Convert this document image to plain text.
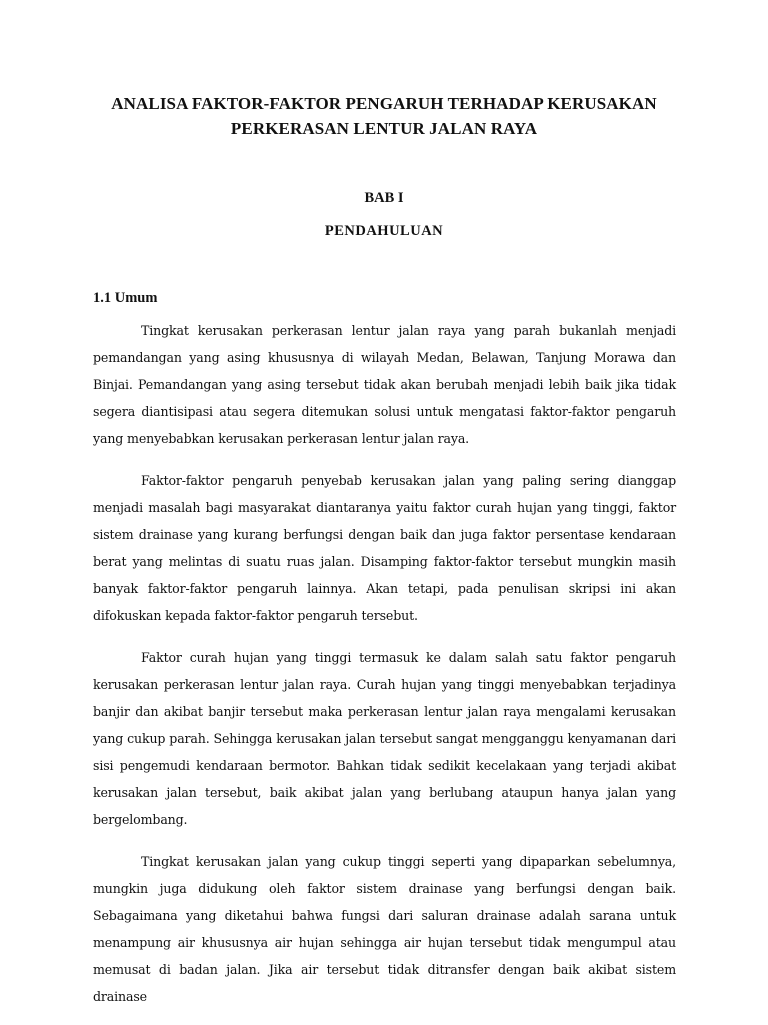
ANALISA FAKTOR-FAKTOR PENGARUH TERHADAP KERUSAKAN
PERKERASAN LENTUR JALAN RAYA
BAB I
PENDAHULUAN
1.1 Umum

Tingkat kerusakan perkerasan lentur jalan raya yang parah bukanlah menjadi pemandangan yang asing khususnya di wilayah Medan, Belawan, Tanjung Morawa dan Binjai. Pemandangan yang asing tersebut tidak akan berubah menjadi lebih baik jika tidak segera diantisipasi atau segera ditemukan solusi untuk mengatasi faktor-faktor pengaruh yang menyebabkan kerusakan perkerasan lentur jalan raya.

Faktor-faktor pengaruh penyebab kerusakan jalan yang paling sering dianggap menjadi masalah bagi masyarakat diantaranya yaitu faktor curah hujan yang tinggi, faktor sistem drainase yang kurang berfungsi dengan baik dan juga faktor persentase kendaraan berat yang melintas di suatu ruas jalan. Disamping faktor-faktor tersebut mungkin masih banyak faktor-faktor pengaruh lainnya. Akan tetapi, pada penulisan skripsi ini akan difokuskan kepada faktor-faktor pengaruh tersebut.

Faktor curah hujan yang tinggi termasuk ke dalam salah satu faktor pengaruh kerusakan perkerasan lentur jalan raya. Curah hujan yang tinggi menyebabkan terjadinya banjir dan akibat banjir tersebut maka perkerasan lentur jalan raya mengalami kerusakan yang cukup parah. Sehingga kerusakan jalan tersebut sangat mengganggu kenyamanan dari sisi pengemudi kendaraan bermotor. Bahkan tidak sedikit kecelakaan yang terjadi akibat kerusakan jalan tersebut, baik akibat jalan yang berlubang ataupun hanya jalan yang bergelombang.

Tingkat kerusakan jalan yang cukup tinggi seperti yang dipaparkan sebelumnya, mungkin juga didukung oleh faktor sistem drainase yang berfungsi dengan baik. Sebagaimana yang diketahui bahwa fungsi dari saluran drainase adalah sarana untuk menampung air khususnya air hujan sehingga air hujan tersebut tidak mengumpul atau memusat di badan jalan. Jika air tersebut tidak ditransfer dengan baik akibat sistem drainase
